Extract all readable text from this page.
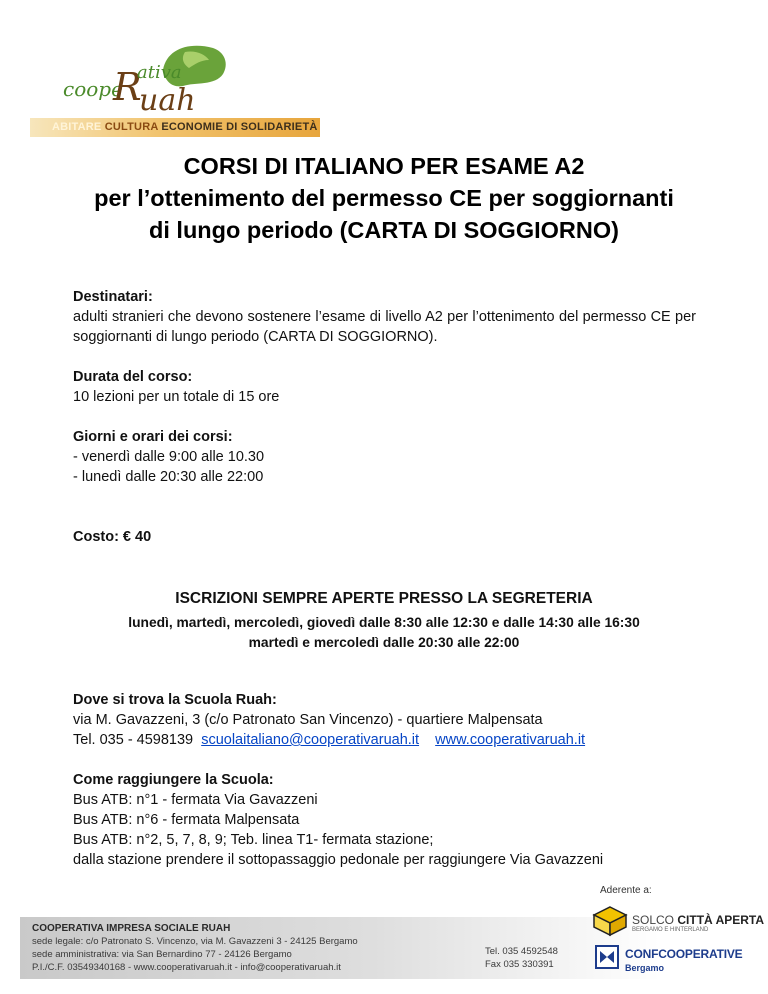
coope
R
ativa
uah
ABITARE CULTURA ECONOMIE DI SOLIDARIETÀ
CORSI DI ITALIANO PER ESAME A2
per l’ottenimento del permesso CE per soggiornanti
di lungo periodo (CARTA DI SOGGIORNO)
Destinatari:
adulti stranieri che devono sostenere l’esame di livello A2 per l’ottenimento del permesso CE per soggiornanti di lungo periodo (CARTA DI SOGGIORNO).
Durata del corso:
10 lezioni per un totale di 15 ore
Giorni e orari dei corsi:
- venerdì dalle 9:00 alle 10.30
- lunedì dalle 20:30 alle 22:00
Costo: € 40
ISCRIZIONI SEMPRE APERTE PRESSO LA SEGRETERIA
lunedì, martedì, mercoledì, giovedì dalle 8:30 alle 12:30 e dalle 14:30 alle 16:30
martedì e mercoledì dalle 20:30 alle 22:00
Dove si trova la Scuola Ruah:
via M. Gavazzeni, 3 (c/o Patronato San Vincenzo) - quartiere Malpensata
Tel. 035 - 4598139 scuolaitaliano@cooperativaruah.it www.cooperativaruah.it
Come raggiungere la Scuola:
Bus ATB: n°1 - fermata Via Gavazzeni
Bus ATB: n°6 - fermata Malpensata
Bus ATB: n°2, 5, 7, 8, 9; Teb. linea T1- fermata stazione;
dalla stazione prendere il sottopassaggio pedonale per raggiungere Via Gavazzeni
COOPERATIVA IMPRESA SOCIALE RUAH
sede legale: c/o Patronato S. Vincenzo, via M. Gavazzeni 3 - 24125 Bergamo
sede amministrativa: via San Bernardino 77 - 24126 Bergamo
P.I./C.F. 03549340168 - www.cooperativaruah.it - info@cooperativaruah.it
Tel. 035 4592548
Fax 035 330391
Aderente a:
SOLCO CITTÀ APERTA
BERGAMO E HINTERLAND
CONFCOOPERATIVE
Bergamo
